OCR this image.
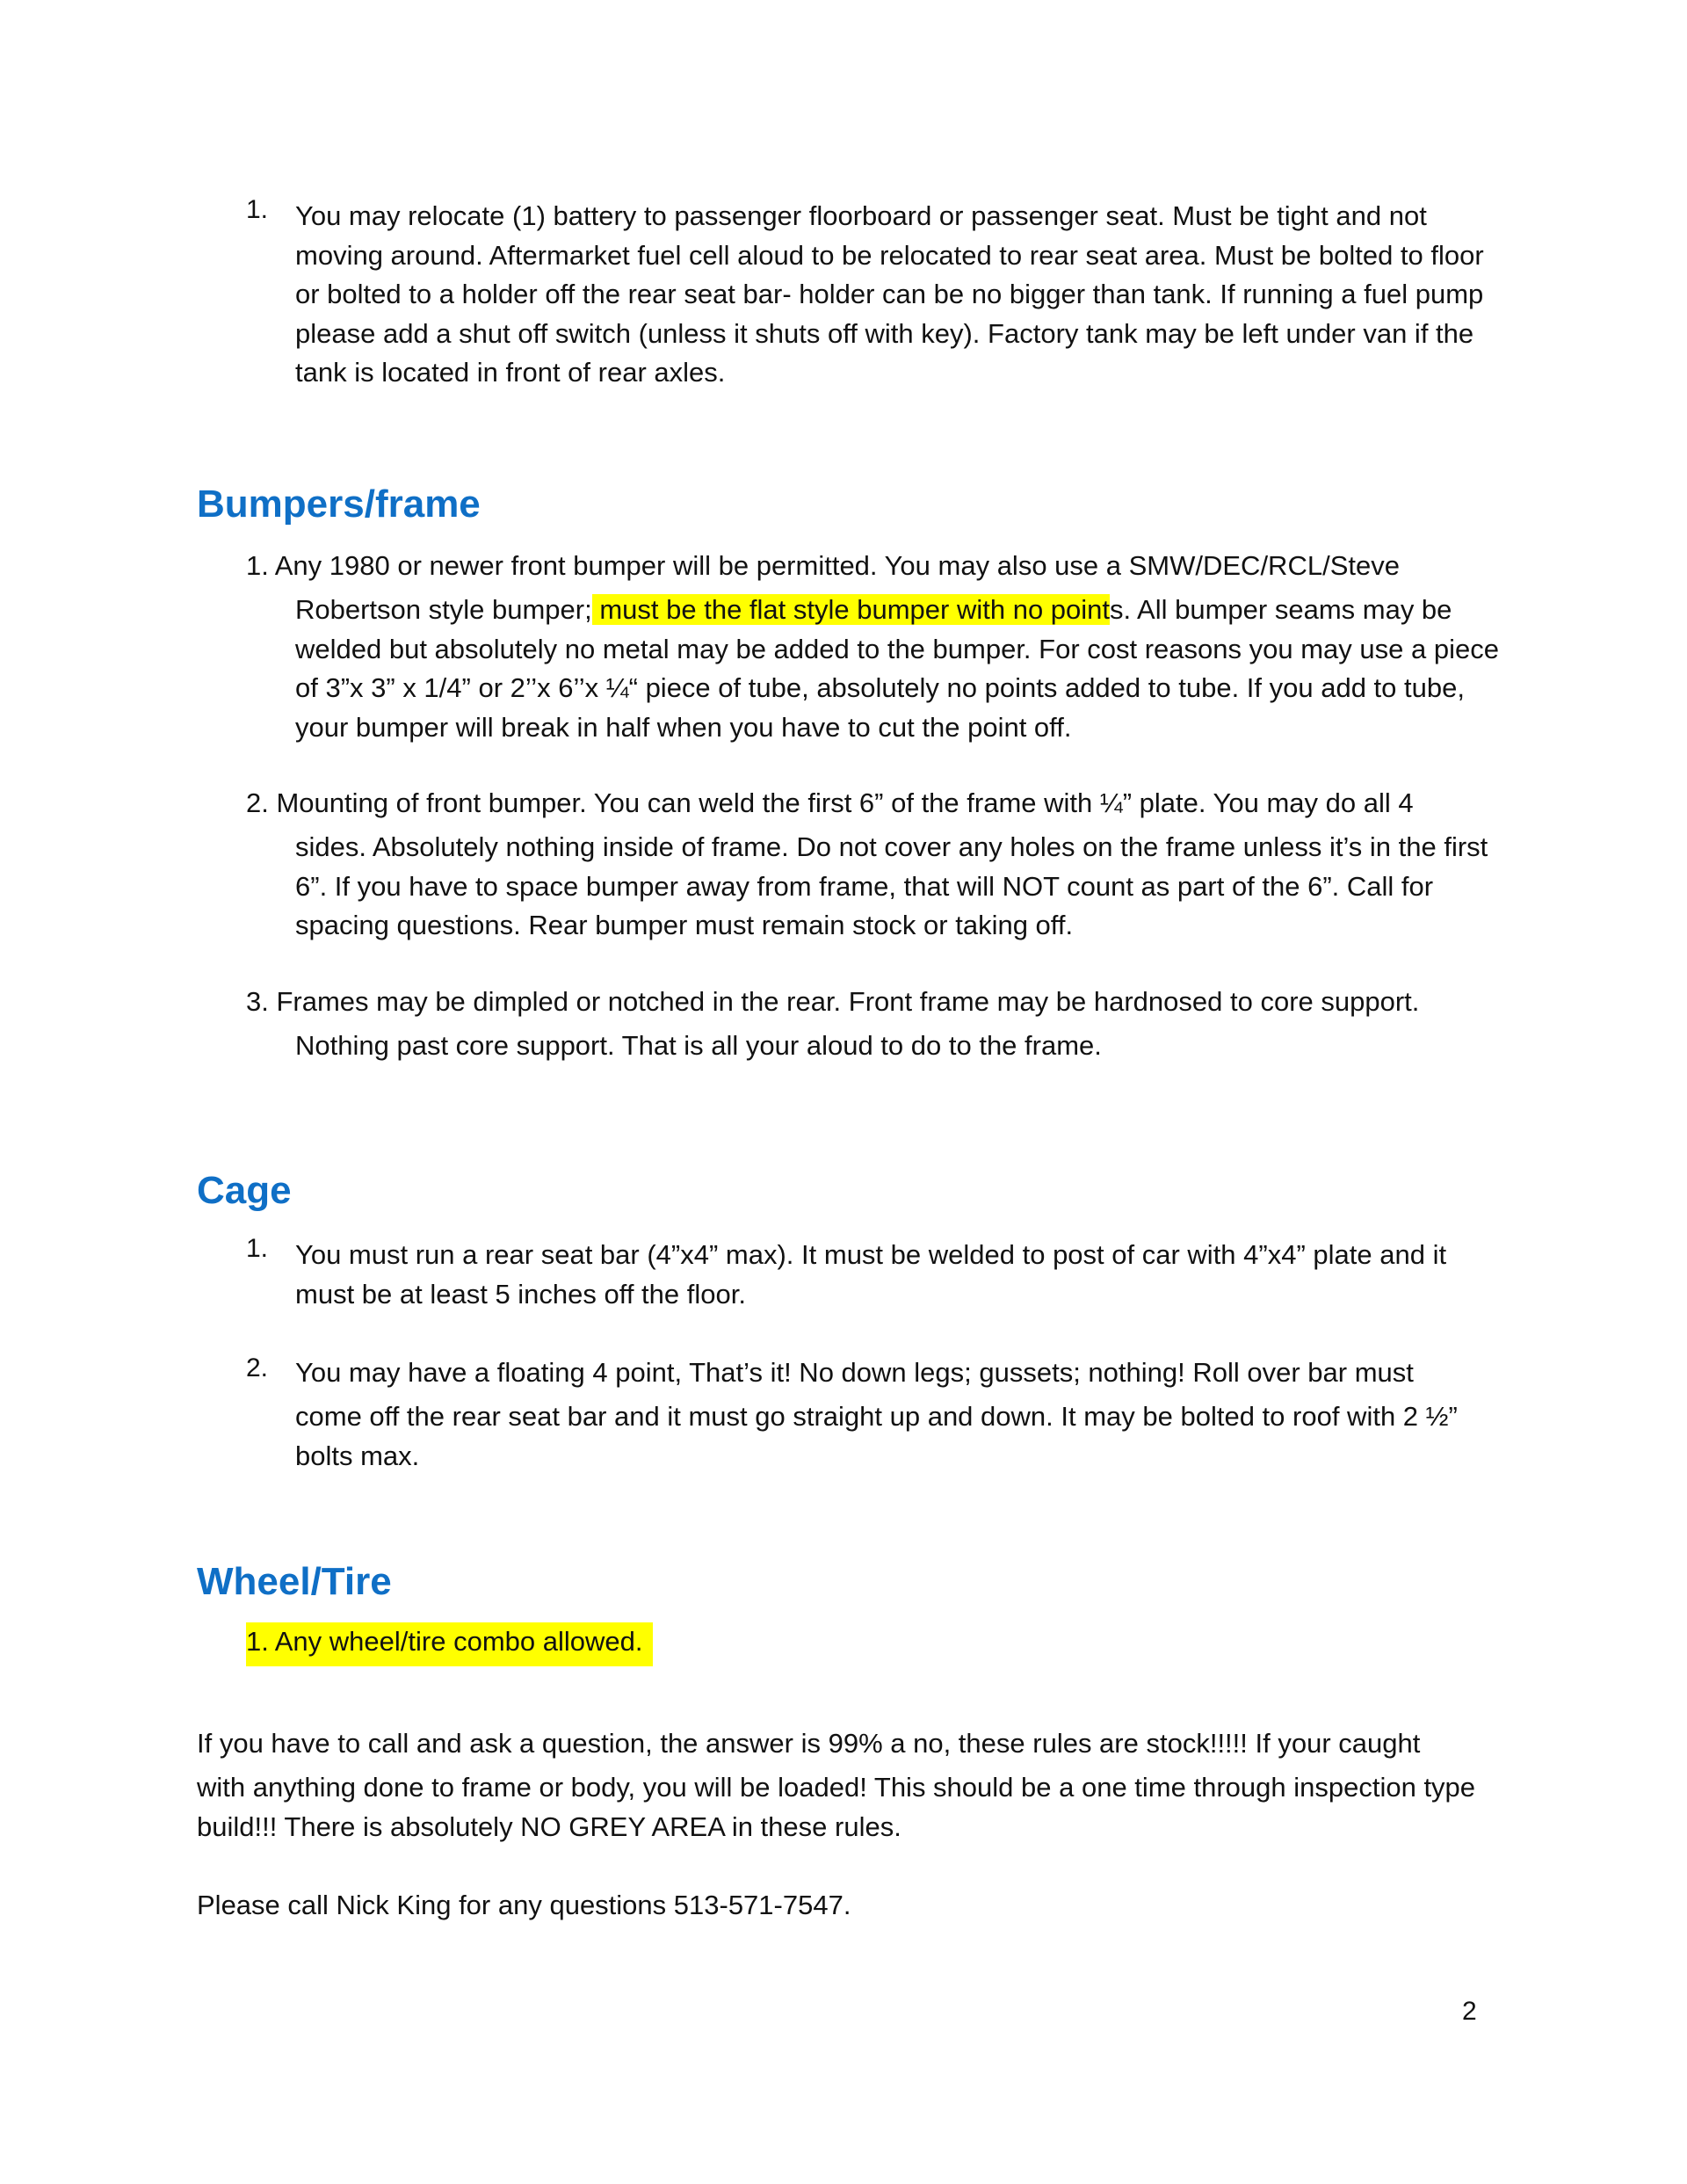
1. You may relocate (1) battery to passenger floorboard or passenger seat. Must be tight and not moving around. Aftermarket fuel cell aloud to be relocated to rear seat area. Must be bolted to floor or bolted to a holder off the rear seat bar- holder can be no bigger than tank. If running a fuel pump please add a shut off switch (unless it shuts off with key). Factory tank may be left under van if the tank is located in front of rear axles.
Bumpers/frame
1. Any 1980 or newer front bumper will be permitted. You may also use a SMW/DEC/RCL/Steve
Robertson style bumper; must be the flat style bumper with no points. All bumper seams may be welded but absolutely no metal may be added to the bumper. For cost reasons you may use a piece of 3”x 3” x 1/4” or 2’’x 6’’x ¼“ piece of tube, absolutely no points added to tube. If you add to tube, your bumper will break in half when you have to cut the point off.
2. Mounting of front bumper. You can weld the first 6” of the frame with ¼” plate. You may do all 4
sides. Absolutely nothing inside of frame. Do not cover any holes on the frame unless it’s in the first 6”. If you have to space bumper away from frame, that will NOT count as part of the 6”. Call for spacing questions. Rear bumper must remain stock or taking off.
3. Frames may be dimpled or notched in the rear. Front frame may be hardnosed to core support.
Nothing past core support. That is all your aloud to do to the frame.
Cage
1. You must run a rear seat bar (4”x4” max). It must be welded to post of car with 4”x4” plate and it must be at least 5 inches off the floor.
2. You may have a floating 4 point, That’s it! No down legs; gussets; nothing! Roll over bar must
come off the rear seat bar and it must go straight up and down. It may be bolted to roof with 2 ½” bolts max.
Wheel/Tire
1. Any wheel/tire combo allowed.
If you have to call and ask a question, the answer is 99% a no, these rules are stock!!!!! If your caught
with anything done to frame or body, you will be loaded! This should be a one time through inspection type build!!! There is absolutely NO GREY AREA in these rules.
Please call Nick King for any questions 513-571-7547.
2
